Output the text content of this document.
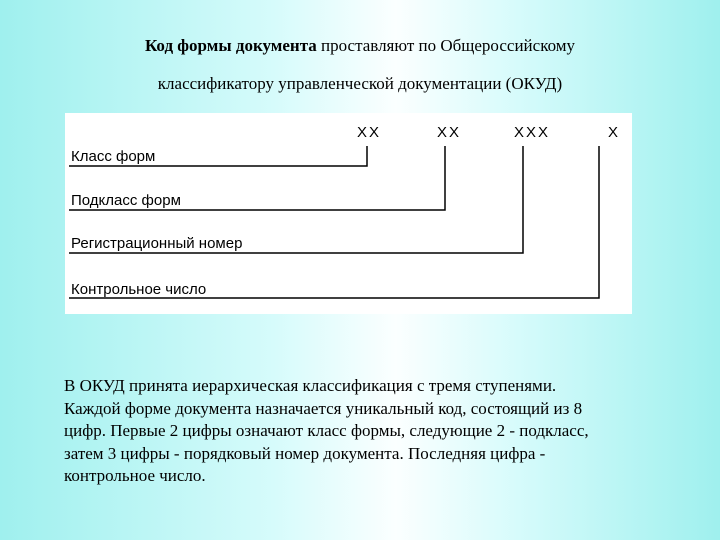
Код формы документа проставляют по Общероссийскому
классификатору управленческой документации (ОКУД)
ХХ	ХХ	ХХХ	Х
Класс форм
Подкласс форм
Регистрационный номер
Контрольное число

В ОКУД принята иерархическая классификация с тремя ступенями.

Каждой форме документа назначается уникальный код, состоящий из 8

цифр. Первые 2 цифры означают класс формы, следующие 2 - подкласс,

затем 3 цифры - порядковый номер документа. Последняя цифра -

контрольное число.
